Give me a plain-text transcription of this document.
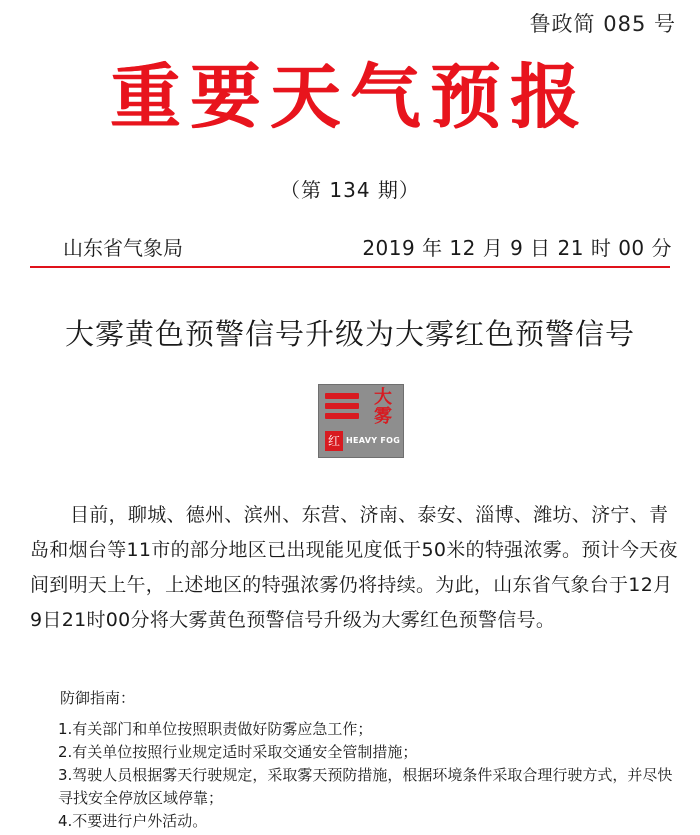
鲁政简 085 号
重要天气预报
（第 134 期）
山东省气象局	2019 年 12 月 9 日 21 时 00 分
大雾黄色预警信号升级为大雾红色预警信号
大
雾
红 HEAVY FOG

目前，聊城、德州、滨州、东营、济南、泰安、淄博、潍坊、济宁、青岛和烟台等11市的部分地区已出现能见度低于50米的特强浓雾。预计今天夜间到明天上午，上述地区的特强浓雾仍将持续。为此，山东省气象台于12月9日21时00分将大雾黄色预警信号升级为大雾红色预警信号。

防御指南：
1.有关部门和单位按照职责做好防雾应急工作；
2.有关单位按照行业规定适时采取交通安全管制措施；
3.驾驶人员根据雾天行驶规定，采取雾天预防措施，根据环境条件采取合理行驶方式，并尽快寻找安全停放区域停靠；
4.不要进行户外活动。
